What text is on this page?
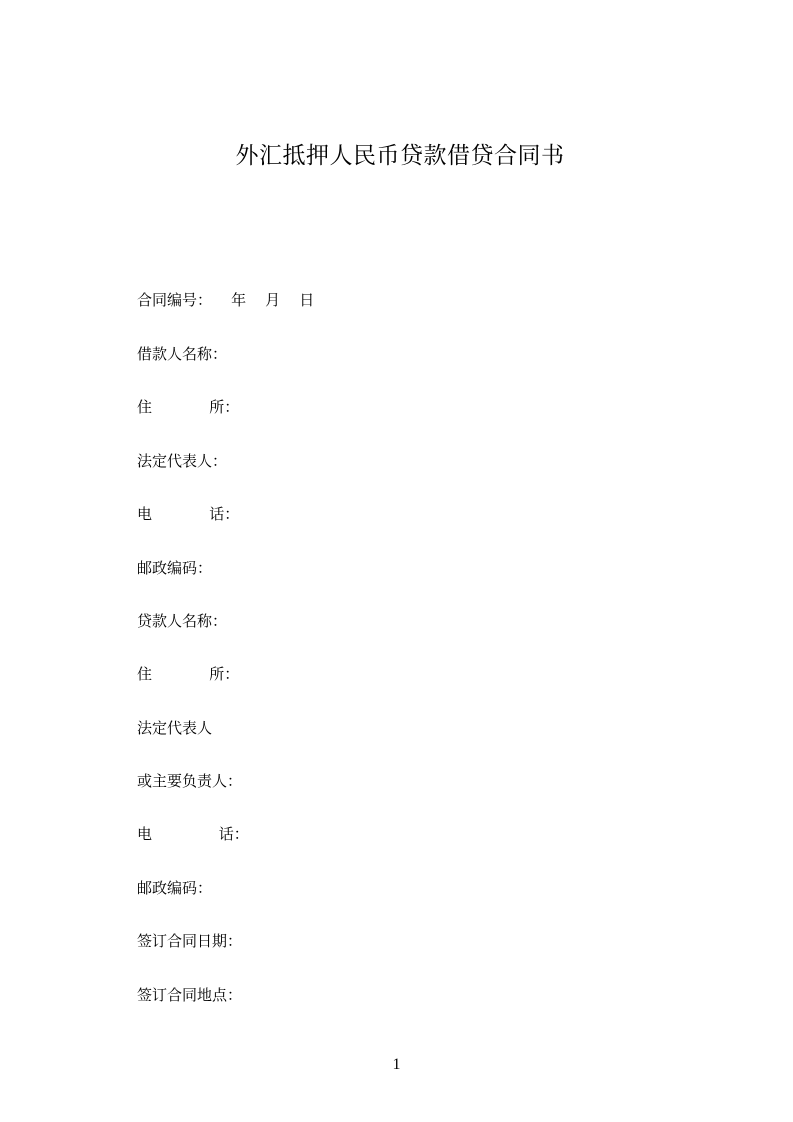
外汇抵押人民币贷款借贷合同书
合同编号：    年    月    日
借款人名称：
住            所：
法定代表人：
电            话：
邮政编码：
贷款人名称：
住            所：
法定代表人
或主要负责人：
电              话：
邮政编码：
签订合同日期：
签订合同地点：
1
